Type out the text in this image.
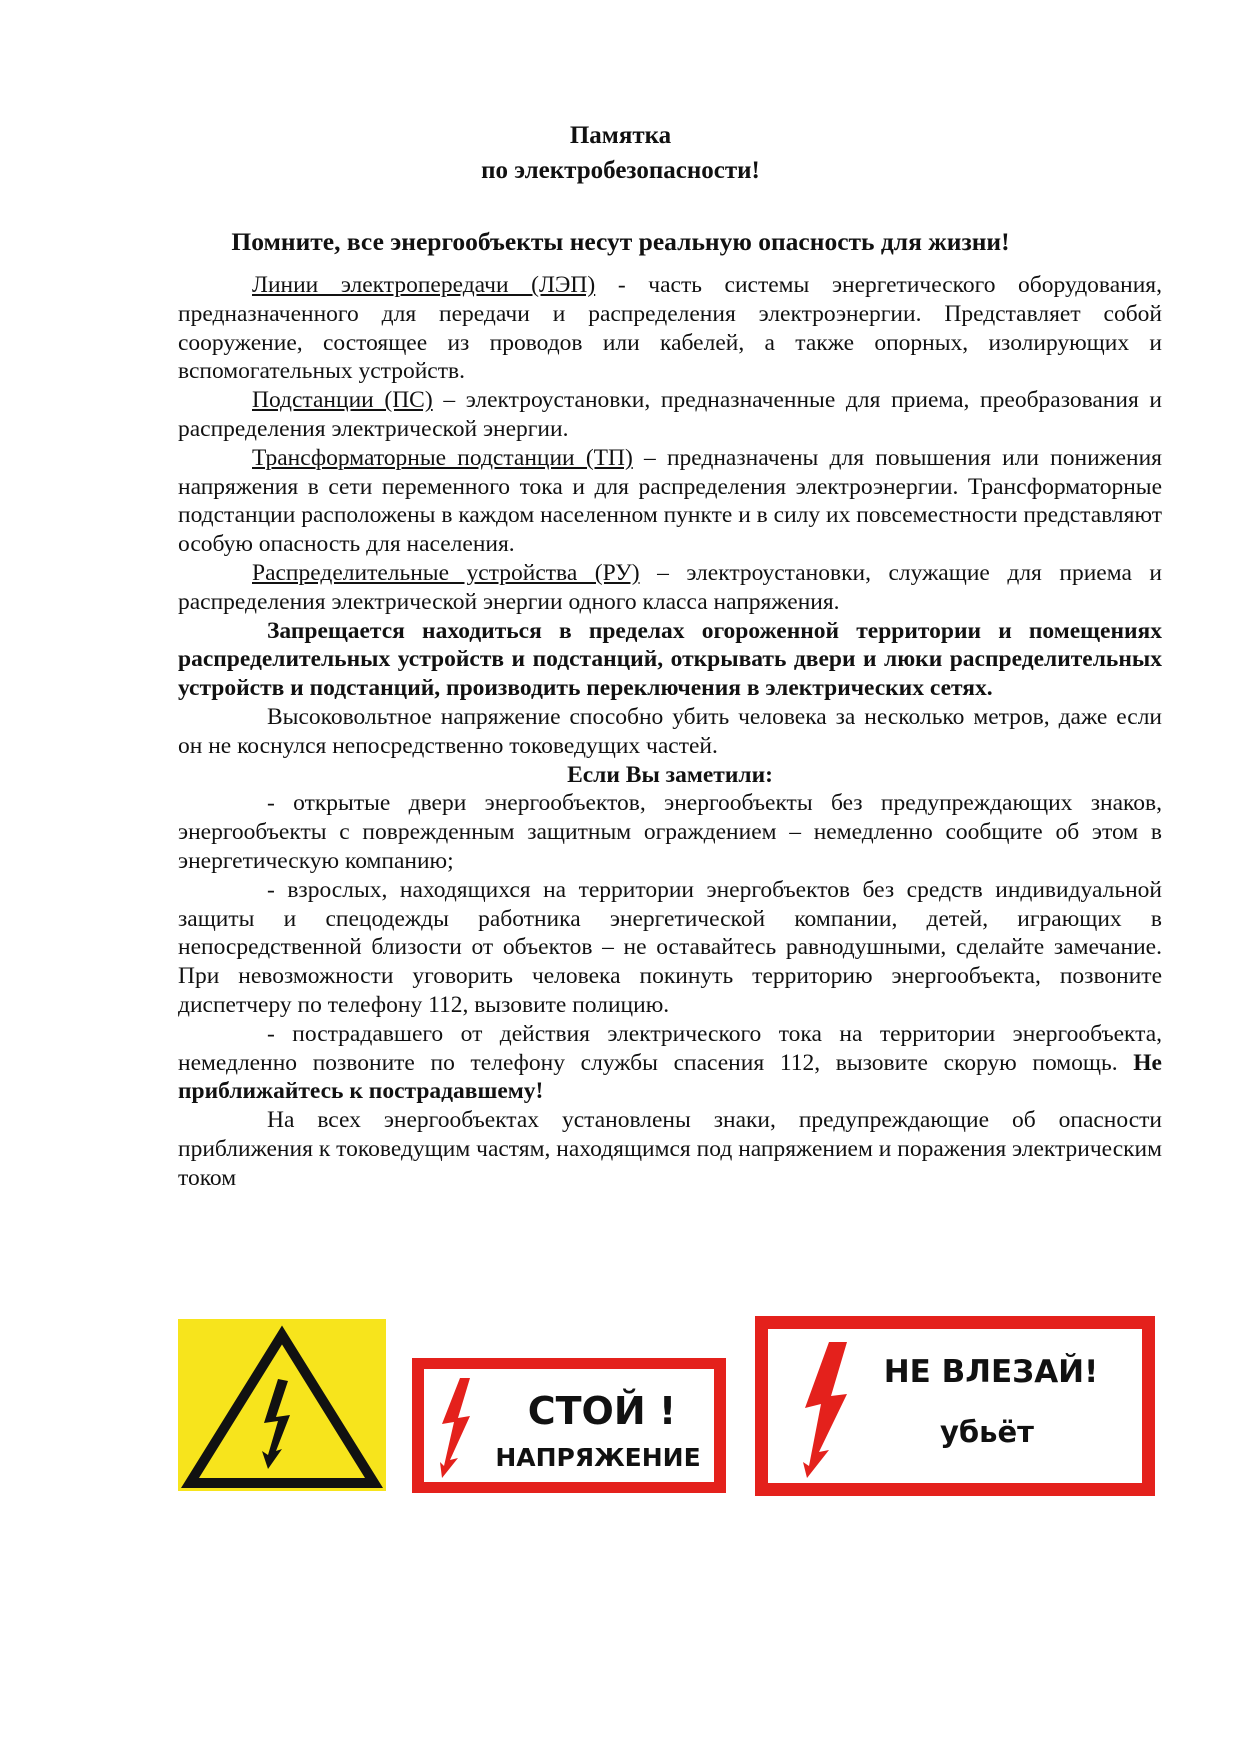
Памятка
по электробезопасности!
Помните, все энергообъекты несут реальную опасность для жизни!

Линии электропередачи (ЛЭП) - часть системы энергетического оборудования, предназначенного для передачи и распределения электроэнергии. Представляет собой сооружение, состоящее из проводов или кабелей, а также опорных, изолирующих и вспомогательных устройств.

Подстанции (ПС) – электроустановки, предназначенные для приема, преобразования и распределения электрической энергии.

Трансформаторные подстанции (ТП) – предназначены для повышения или понижения напряжения в сети переменного тока и для распределения электроэнергии. Трансформаторные подстанции расположены в каждом населенном пункте и в силу их повсеместности представляют особую опасность для населения.

Распределительные устройства (РУ) – электроустановки, служащие для приема и распределения электрической энергии одного класса напряжения.

Запрещается находиться в пределах огороженной территории и помещениях распределительных устройств и подстанций, открывать двери и люки распределительных устройств и подстанций, производить переключения в электрических сетях.

Высоковольтное напряжение способно убить человека за несколько метров, даже если он не коснулся непосредственно токоведущих частей.

Если Вы заметили:

- открытые двери энергообъектов, энергообъекты без предупреждающих знаков, энергообъекты с поврежденным защитным ограждением – немедленно сообщите об этом в энергетическую компанию;

- взрослых, находящихся на территории энергобъектов без средств индивидуальной защиты и спецодежды работника энергетической компании, детей, играющих в непосредственной близости от объектов – не оставайтесь равнодушными, сделайте замечание. При невозможности уговорить человека покинуть территорию энергообъекта, позвоните диспетчеру по телефону 112, вызовите полицию.

- пострадавшего от действия электрического тока на территории энергообъекта, немедленно позвоните по телефону службы спасения 112, вызовите скорую помощь. Не приближайтесь к пострадавшему!

На всех энергообъектах установлены знаки, предупреждающие об опасности приближения к токоведущим частям, находящимся под напряжением и поражения электрическим током

СТОЙ !
НАПРЯЖЕНИЕ
НЕ ВЛЕЗАЙ!
убьёт
